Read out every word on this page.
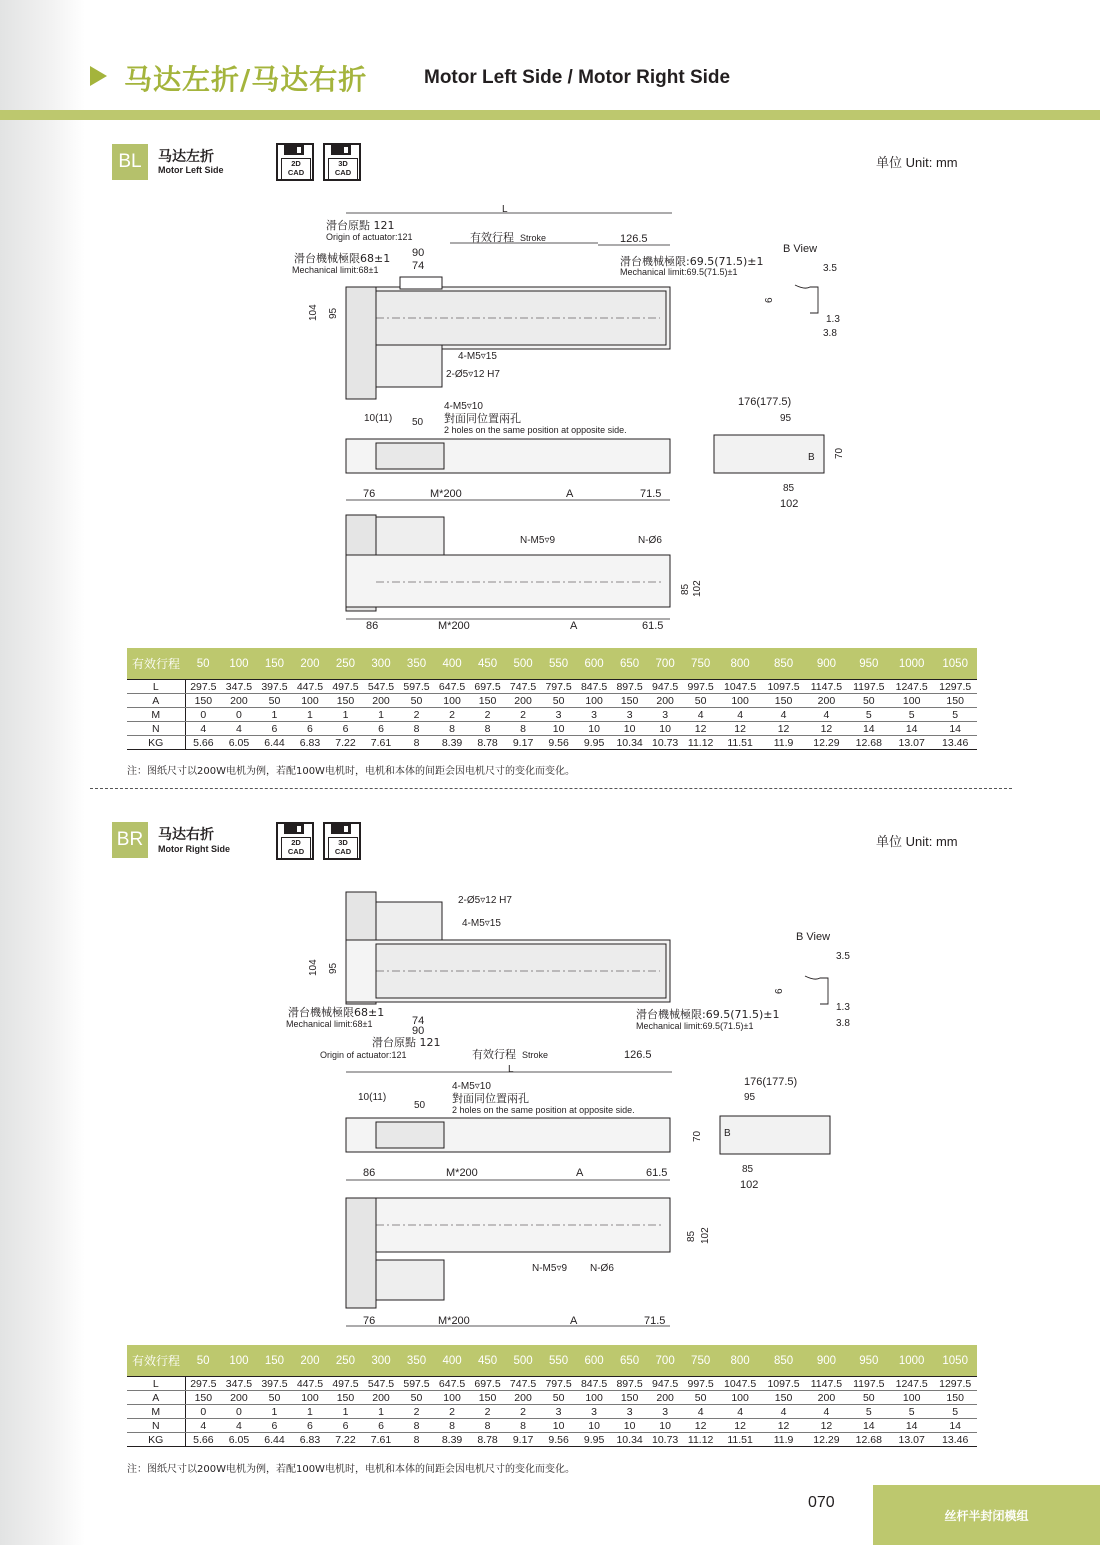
马达左折/马达右折	Motor Left Side / Motor Right Side
BL	马达左折
Motor Left Side
2D
CAD
3D
CAD
单位 Unit: mm
L
滑台原點 121
Origin of actuator:121	有效行程 Stroke	126.5
90
74
滑台機械極限68±1
Mechanical limit:68±1
滑台機械極限:69.5(71.5)±1
Mechanical limit:69.5(71.5)±1
104 95
4-M5▿15
2-Ø5▿12 H7
B View
3.5
6
1.3
3.8
4-M5▿10
對面同位置兩孔
2 holes on the same position at opposite side.
10(11) 50
176(177.5)
95
B 70
85
102
76	M*200	A	71.5
N-M5▿9	N-Ø6
85 102
86	M*200	A	61.5
有效行程	50	100	150	200	250	300	350	400	450	500	550	600	650	700	750	800	850	900	950	1000	1050
L	297.5	347.5	397.5	447.5	497.5	547.5	597.5	647.5	697.5	747.5	797.5	847.5	897.5	947.5	997.5	1047.5	1097.5	1147.5	1197.5	1247.5	1297.5
A	150	200	50	100	150	200	50	100	150	200	50	100	150	200	50	100	150	200	50	100	150
M	0	0	1	1	1	1	2	2	2	2	3	3	3	3	4	4	4	4	5	5	5
N	4	4	6	6	6	6	8	8	8	8	10	10	10	10	12	12	12	12	14	14	14
KG	5.66	6.05	6.44	6.83	7.22	7.61	8	8.39	8.78	9.17	9.56	9.95	10.34	10.73	11.12	11.51	11.9	12.29	12.68	13.07	13.46
注：图纸尺寸以200W电机为例，若配100W电机时，电机和本体的间距会因电机尺寸的变化而变化。
BR	马达右折
Motor Right Side
2D
CAD
3D
CAD
单位 Unit: mm
2-Ø5▿12 H7
4-M5▿15
104 95
B View
3.5
6
1.3
3.8
滑台機械極限68±1
Mechanical limit:68±1	74
90
滑台機械極限:69.5(71.5)±1
Mechanical limit:69.5(71.5)±1
滑台原點 121
Origin of actuator:121	有效行程 Stroke	126.5
L
4-M5▿10
對面同位置兩孔
2 holes on the same position at opposite side.
10(11)
50
176(177.5)
95
B
70
85
102
86	M*200	A	61.5
N-M5▿9 N-Ø6
85 102
76	M*200	A	71.5
有效行程	50	100	150	200	250	300	350	400	450	500	550	600	650	700	750	800	850	900	950	1000	1050
L	297.5	347.5	397.5	447.5	497.5	547.5	597.5	647.5	697.5	747.5	797.5	847.5	897.5	947.5	997.5	1047.5	1097.5	1147.5	1197.5	1247.5	1297.5
A	150	200	50	100	150	200	50	100	150	200	50	100	150	200	50	100	150	200	50	100	150
M	0	0	1	1	1	1	2	2	2	2	3	3	3	3	4	4	4	4	5	5	5
N	4	4	6	6	6	6	8	8	8	8	10	10	10	10	12	12	12	12	14	14	14
KG	5.66	6.05	6.44	6.83	7.22	7.61	8	8.39	8.78	9.17	9.56	9.95	10.34	10.73	11.12	11.51	11.9	12.29	12.68	13.07	13.46
注：图纸尺寸以200W电机为例，若配100W电机时，电机和本体的间距会因电机尺寸的变化而变化。
070
丝杆半封闭模组
